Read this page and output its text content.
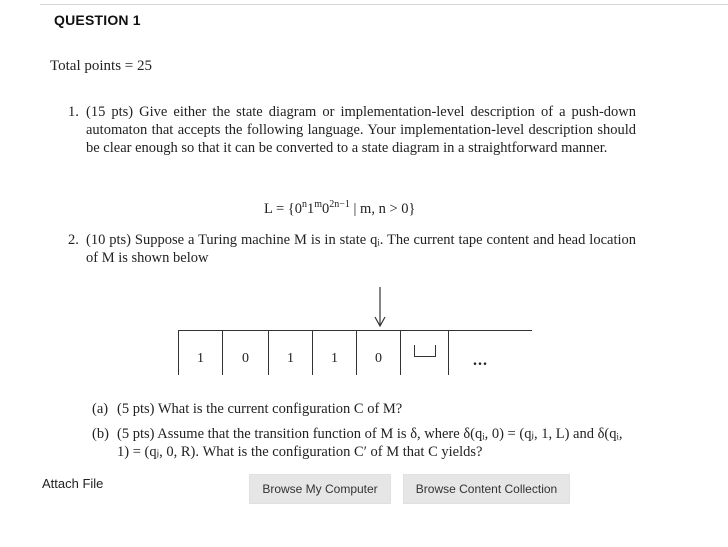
QUESTION 1
Total points = 25
1. (15 pts) Give either the state diagram or implementation-level description of a push-down automaton that accepts the following language. Your implementation-level description should be clear enough so that it can be converted to a state diagram in a straightforward manner.
$L = \{0^n1^m0^{2n-1}$ | m, n > 0}
2. (10 pts) Suppose a Turing machine M is in state qᵢ. The current tape content and head location of M is shown below
1	0	1	1	0	...
(a) (5 pts) What is the current configuration C of M?
(b) (5 pts) Assume that the transition function of M is δ, where δ(qᵢ, 0) = (qⱼ, 1, L) and δ(qᵢ, 1) = (qⱼ, 0, R). What is the configuration C′ of M that C yields?
Attach File	Browse My Computer	Browse Content Collection
